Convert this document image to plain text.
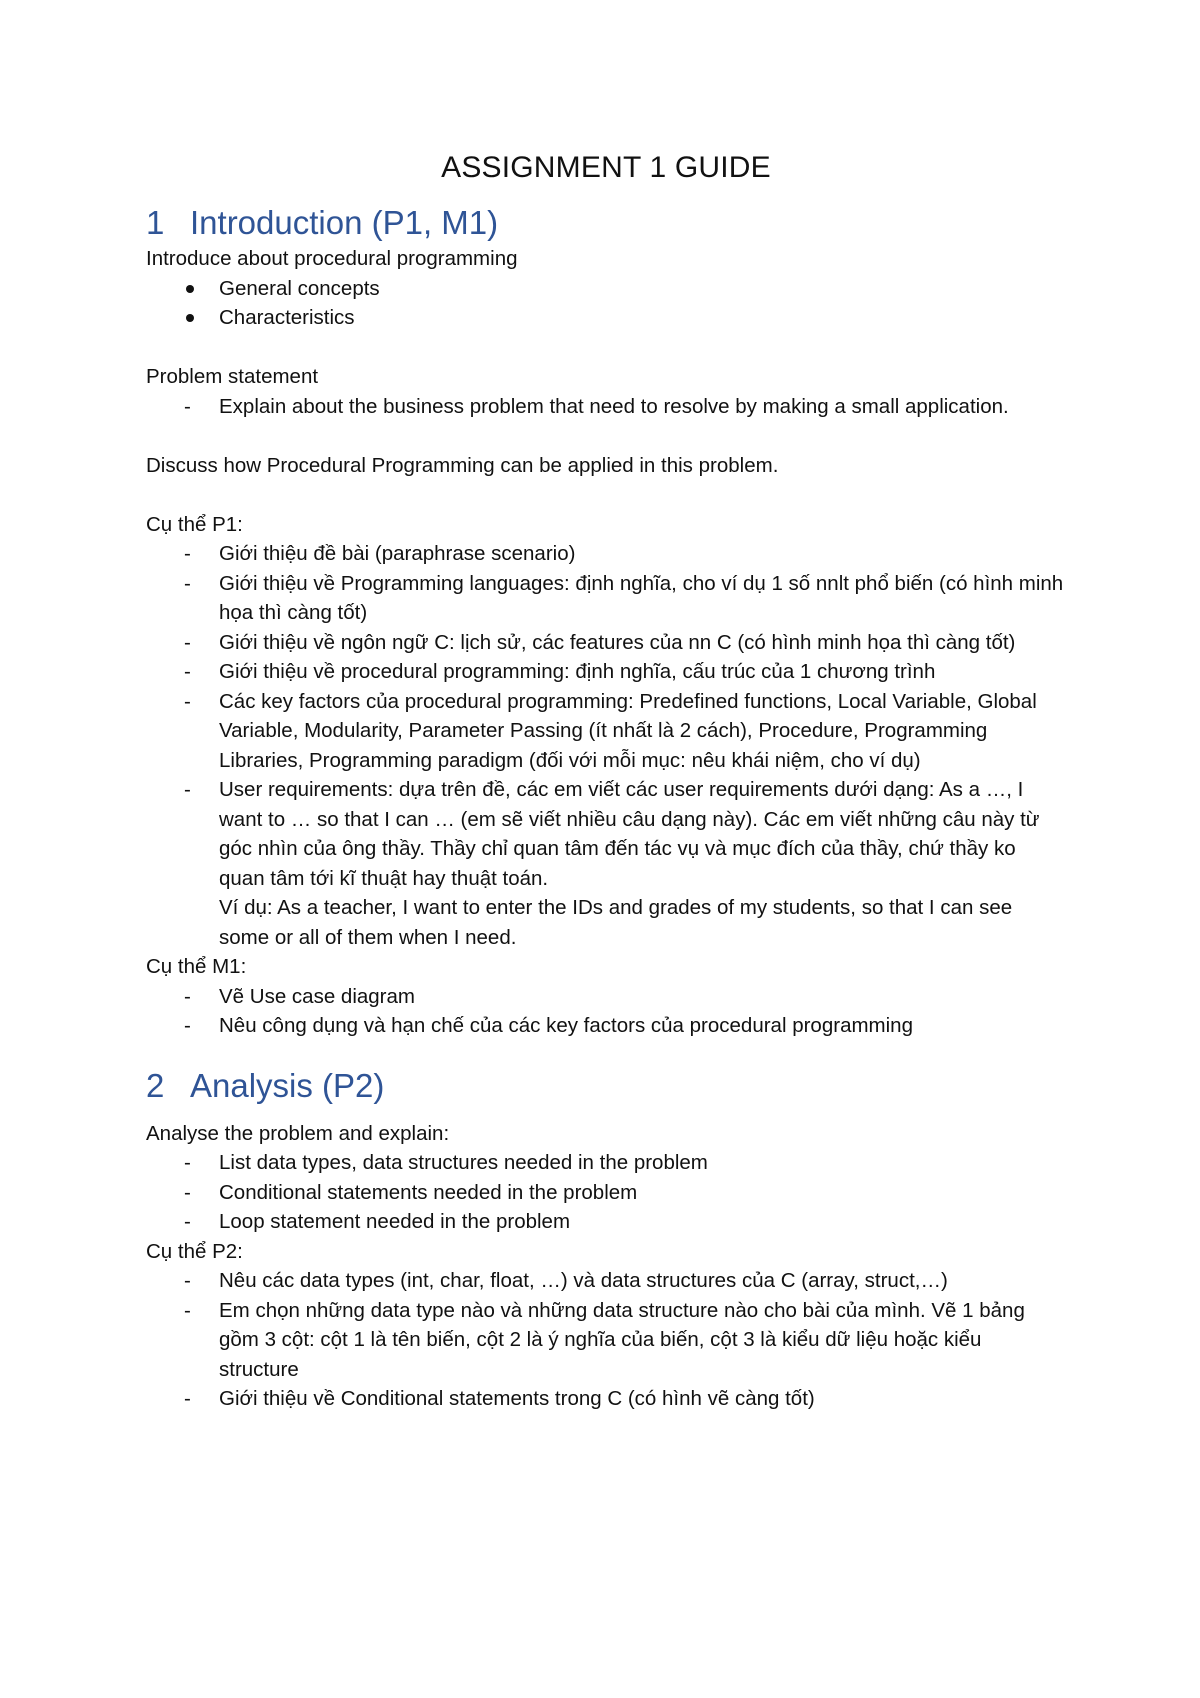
ASSIGNMENT 1 GUIDE
1 Introduction (P1, M1)

Introduce about procedural programming

General concepts
Characteristics

Problem statement

- Explain about the business problem that need to resolve by making a small application.

Discuss how Procedural Programming can be applied in this problem.

Cụ thể P1:

- Giới thiệu đề bài (paraphrase scenario)
- Giới thiệu về Programming languages: định nghĩa, cho ví dụ 1 số nnlt phổ biến (có hình minh họa thì càng tốt)
- Giới thiệu về ngôn ngữ C: lịch sử, các features của nn C (có hình minh họa thì càng tốt)
- Giới thiệu về procedural programming: định nghĩa, cấu trúc của 1 chương trình
- Các key factors của procedural programming: Predefined functions, Local Variable, Global Variable, Modularity, Parameter Passing (ít nhất là 2 cách), Procedure, Programming Libraries, Programming paradigm (đối với mỗi mục: nêu khái niệm, cho ví dụ)
- User requirements: dựa trên đề, các em viết các user requirements dưới dạng: As a …, I want to … so that I can … (em sẽ viết nhiều câu dạng này). Các em viết những câu này từ góc nhìn của ông thầy. Thầy chỉ quan tâm đến tác vụ và mục đích của thầy, chứ thầy ko quan tâm tới kĩ thuật hay thuật toán.
Ví dụ: As a teacher, I want to enter the IDs and grades of my students, so that I can see some or all of them when I need.

Cụ thể M1:

- Vẽ Use case diagram
- Nêu công dụng và hạn chế của các key factors của procedural programming
2 Analysis (P2)

Analyse the problem and explain:

- List data types, data structures needed in the problem
- Conditional statements needed in the problem
- Loop statement needed in the problem

Cụ thể P2:

- Nêu các data types (int, char, float, …) và data structures của C (array, struct,…)
- Em chọn những data type nào và những data structure nào cho bài của mình. Vẽ 1 bảng gồm 3 cột: cột 1 là tên biến, cột 2 là ý nghĩa của biến, cột 3 là kiểu dữ liệu hoặc kiểu structure
- Giới thiệu về Conditional statements trong C (có hình vẽ càng tốt)
